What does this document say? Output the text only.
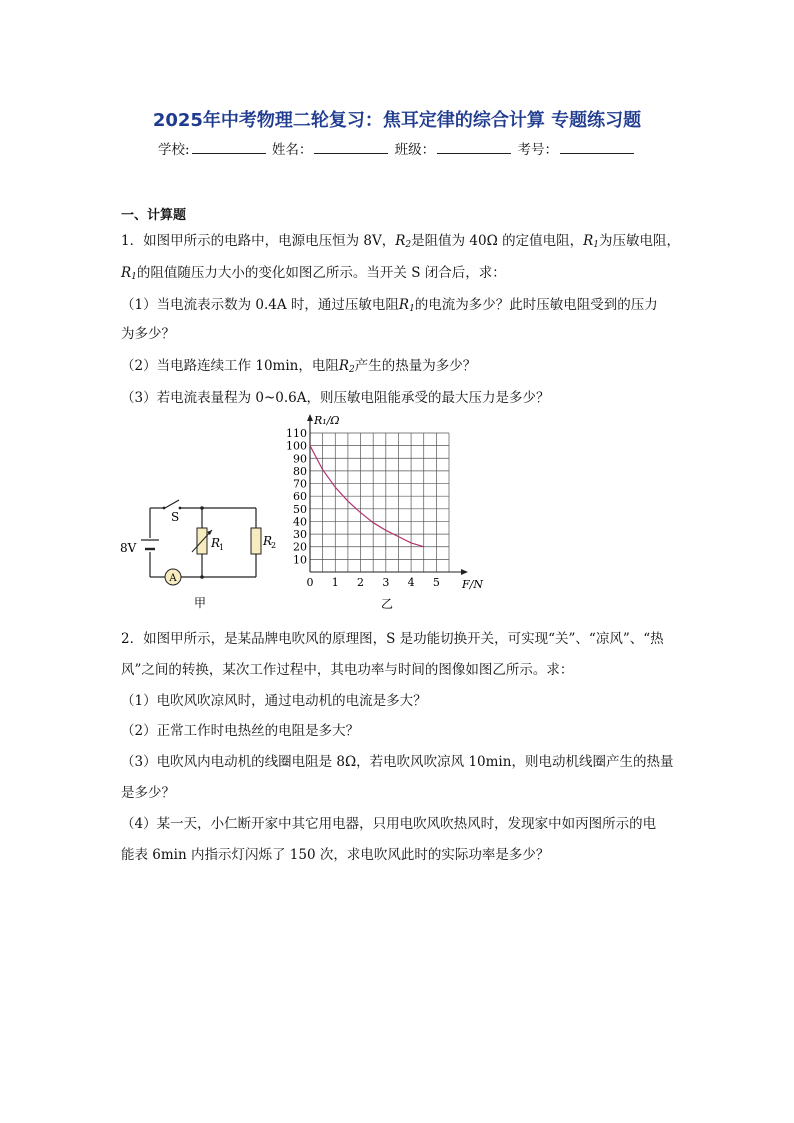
2025年中考物理二轮复习：焦耳定律的综合计算 专题练习题
学校:	姓名：	班级：	考号：
一、计算题
1．如图甲所示的电路中，电源电压恒为 8V，$R_2$是阻值为 40Ω 的定值电阻，$R_1$为压敏电阻，
$R_1$的阻值随压力大小的变化如图乙所示。当开关 S 闭合后，求：
（1）当电流表示数为 0.4A 时，通过压敏电阻$R_1$的电流为多少？此时压敏电阻受到的压力
为多少？
（2）当电路连续工作 10min，电阻$R_2$产生的热量为多少？
（3）若电流表量程为 0~0.6A，则压敏电阻能承受的最大压力是多少？
A
S
8V	R
1	R
2
甲
10
20
30
40
50
60
70
80
90
100
110
0 1 2 3 4 5
R₁/Ω
F/N
乙
2．如图甲所示，是某品牌电吹风的原理图，S 是功能切换开关，可实现“关”、“凉风”、“热
风”之间的转换，某次工作过程中，其电功率与时间的图像如图乙所示。求：
（1）电吹风吹凉风时，通过电动机的电流是多大？
（2）正常工作时电热丝的电阻是多大？
（3）电吹风内电动机的线圈电阻是 8Ω，若电吹风吹凉风 10min，则电动机线圈产生的热量
是多少？
（4）某一天，小仁断开家中其它用电器，只用电吹风吹热风时，发现家中如丙图所示的电
能表 6min 内指示灯闪烁了 150 次，求电吹风此时的实际功率是多少？
